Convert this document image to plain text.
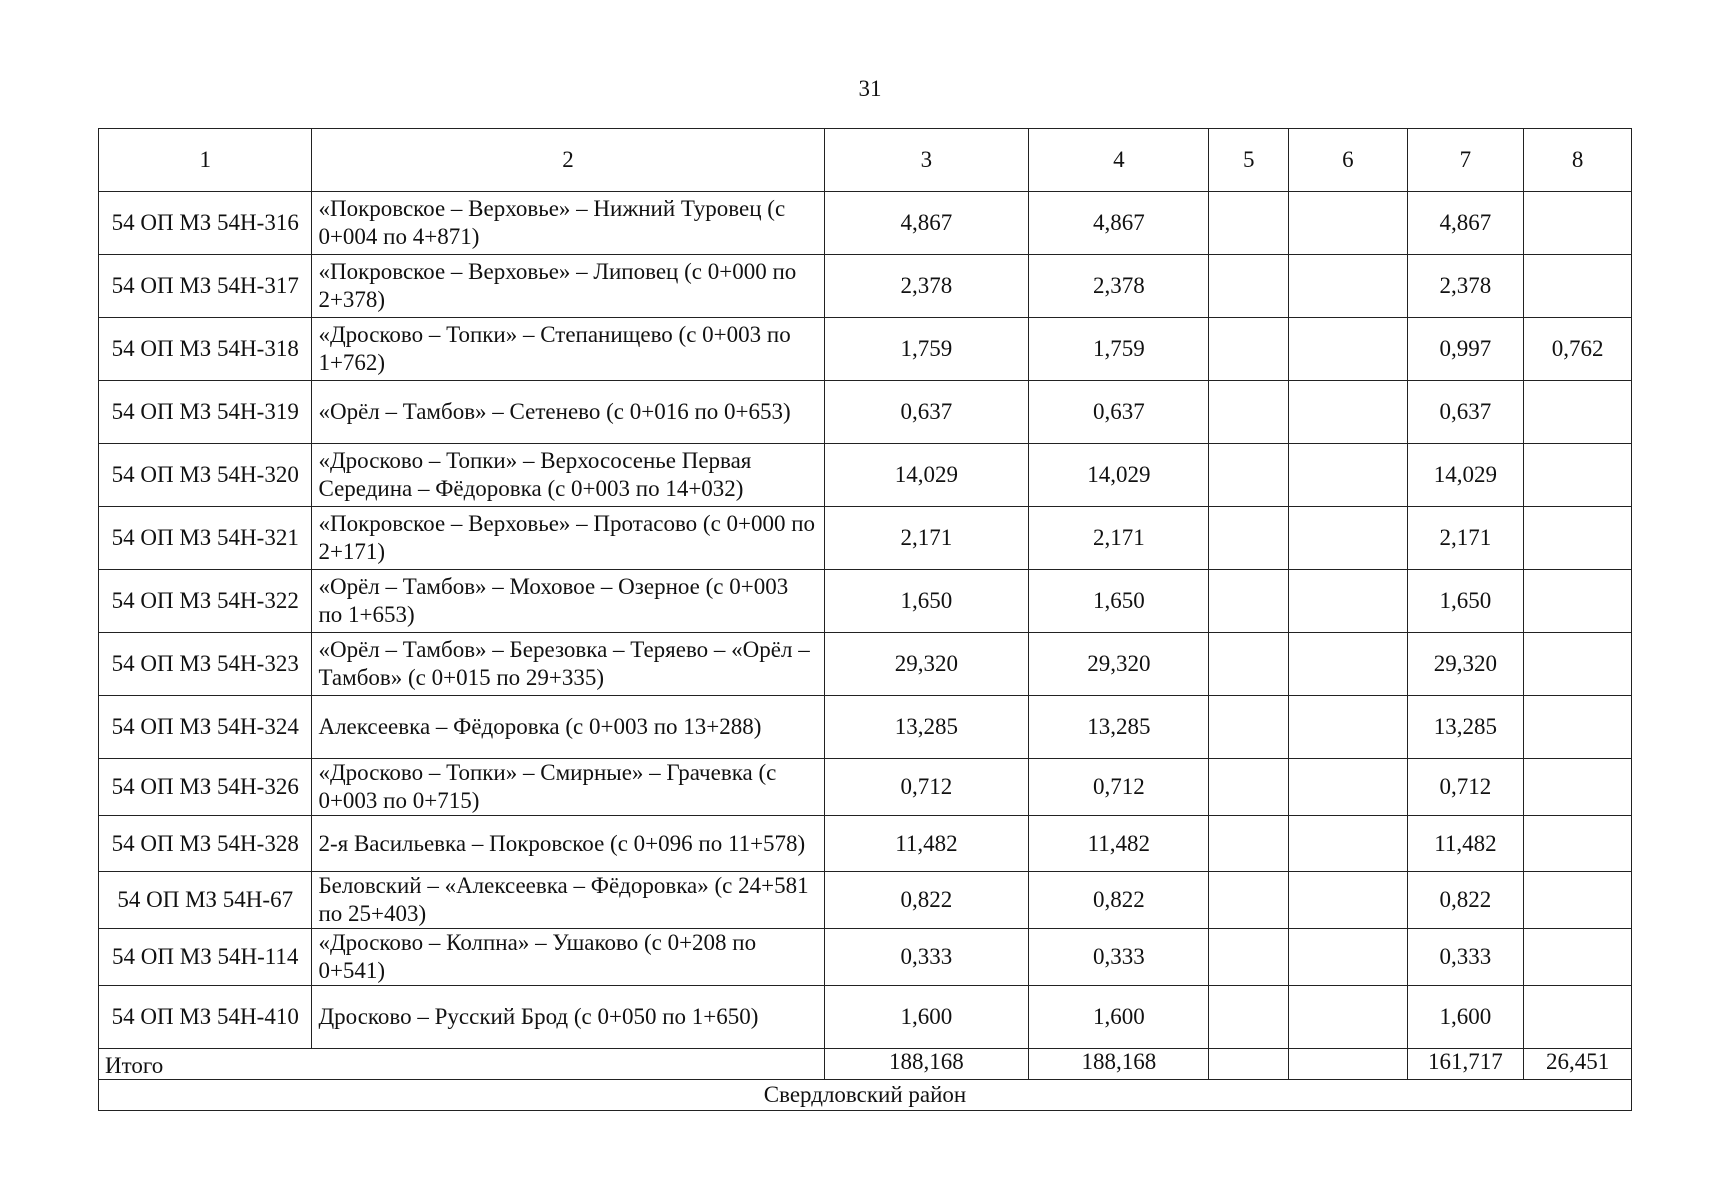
31
1	2	3	4	5	6	7	8
54 ОП МЗ 54Н-316	«Покровское – Верховье» – Нижний Туровец (с 0+004 по 4+871)	4,867	4,867			4,867	
54 ОП МЗ 54Н-317	«Покровское – Верховье» – Липовец (с 0+000 по 2+378)	2,378	2,378			2,378	
54 ОП МЗ 54Н-318	«Дросково – Топки» – Степанищево (с 0+003 по 1+762)	1,759	1,759			0,997	0,762
54 ОП МЗ 54Н-319	«Орёл – Тамбов» – Сетенево (с 0+016 по 0+653)	0,637	0,637			0,637	
54 ОП МЗ 54Н-320	«Дросково – Топки» – Верхососенье Первая Середина – Фёдоровка (с 0+003 по 14+032)	14,029	14,029			14,029	
54 ОП МЗ 54Н-321	«Покровское – Верховье» – Протасово (с 0+000 по 2+171)	2,171	2,171			2,171	
54 ОП МЗ 54Н-322	«Орёл – Тамбов» – Моховое – Озерное (с 0+003 по 1+653)	1,650	1,650			1,650	
54 ОП МЗ 54Н-323	«Орёл – Тамбов» – Березовка – Теряево – «Орёл – Тамбов» (с 0+015 по 29+335)	29,320	29,320			29,320	
54 ОП МЗ 54Н-324	Алексеевка – Фёдоровка (с 0+003 по 13+288)	13,285	13,285			13,285	
54 ОП МЗ 54Н-326	«Дросково – Топки» – Смирные» – Грачевка (с 0+003 по 0+715)	0,712	0,712			0,712	
54 ОП МЗ 54Н-328	2-я Васильевка – Покровское (с 0+096 по 11+578)	11,482	11,482			11,482	
54 ОП МЗ 54Н-67	Беловский – «Алексеевка – Фёдоровка» (с 24+581 по 25+403)	0,822	0,822			0,822	
54 ОП МЗ 54Н-114	«Дросково – Колпна» – Ушаково (с 0+208 по 0+541)	0,333	0,333			0,333	
54 ОП МЗ 54Н-410	Дросково – Русский Брод (с 0+050 по 1+650)	1,600	1,600			1,600	
Итого		188,168	188,168			161,717	26,451
Свердловский район							
